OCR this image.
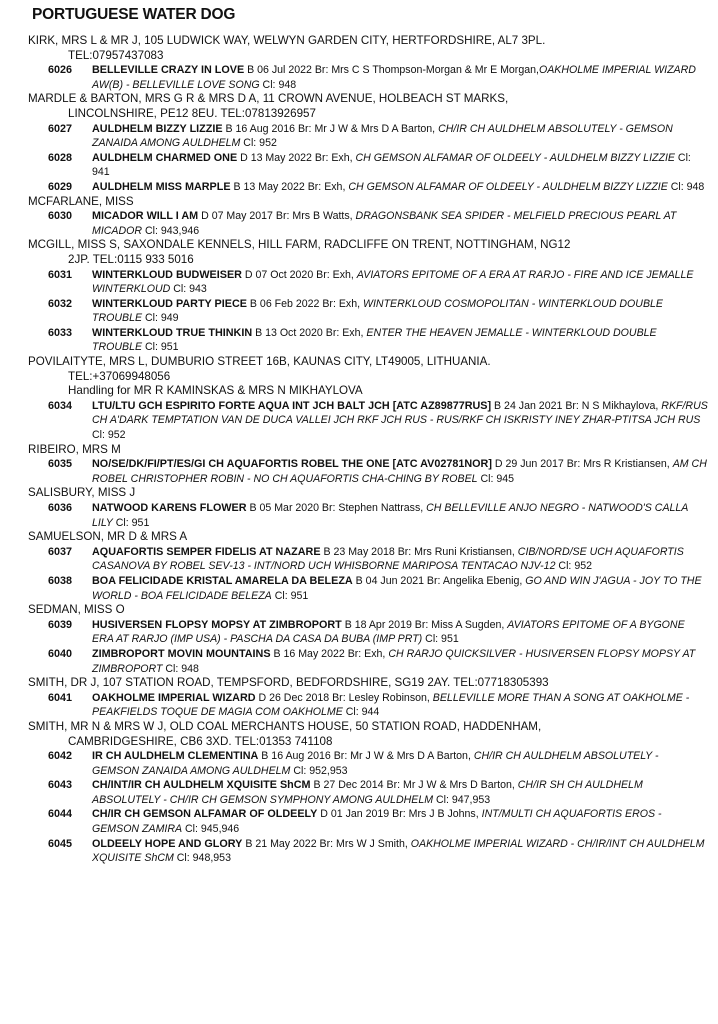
PORTUGUESE WATER DOG
KIRK, MRS L & MR J, 105 LUDWICK WAY, WELWYN GARDEN CITY, HERTFORDSHIRE, AL7 3PL.
TEL:07957437083
6026 BELLEVILLE CRAZY IN LOVE B 06 Jul 2022 Br: Mrs C S Thompson-Morgan & Mr E Morgan,OAKHOLME IMPERIAL WIZARD AW(B) - BELLEVILLE LOVE SONG Cl: 948
MARDLE & BARTON, MRS G R & MRS D A, 11 CROWN AVENUE, HOLBEACH ST MARKS,
LINCOLNSHIRE, PE12 8EU. TEL:07813926957
6027 AULDHELM BIZZY LIZZIE B 16 Aug 2016 Br: Mr J W & Mrs D A Barton, CH/IR CH AULDHELM ABSOLUTELY - GEMSON ZANAIDA AMONG AULDHELM Cl: 952
6028 AULDHELM CHARMED ONE D 13 May 2022 Br: Exh, CH GEMSON ALFAMAR OF OLDEELY - AULDHELM BIZZY LIZZIE Cl: 941
6029 AULDHELM MISS MARPLE B 13 May 2022 Br: Exh, CH GEMSON ALFAMAR OF OLDEELY - AULDHELM BIZZY LIZZIE Cl: 948
MCFARLANE, MISS
6030 MICADOR WILL I AM D 07 May 2017 Br: Mrs B Watts, DRAGONSBANK SEA SPIDER - MELFIELD PRECIOUS PEARL AT MICADOR Cl: 943,946
MCGILL, MISS S, SAXONDALE KENNELS, HILL FARM, RADCLIFFE ON TRENT, NOTTINGHAM, NG12
2JP. TEL:0115 933 5016
6031 WINTERKLOUD BUDWEISER D 07 Oct 2020 Br: Exh, AVIATORS EPITOME OF A ERA AT RARJO - FIRE AND ICE JEMALLE WINTERKLOUD Cl: 943
6032 WINTERKLOUD PARTY PIECE B 06 Feb 2022 Br: Exh, WINTERKLOUD COSMOPOLITAN - WINTERKLOUD DOUBLE TROUBLE Cl: 949
6033 WINTERKLOUD TRUE THINKIN B 13 Oct 2020 Br: Exh, ENTER THE HEAVEN JEMALLE - WINTERKLOUD DOUBLE TROUBLE Cl: 951
POVILAITYTE, MRS L, DUMBURIO STREET 16B, KAUNAS CITY, LT49005, LITHUANIA.
TEL:+37069948056
Handling for MR R KAMINSKAS & MRS N MIKHAYLOVA
6034 LTU/LTU GCH ESPIRITO FORTE AQUA INT JCH BALT JCH [ATC AZ89877RUS] B 24 Jan 2021 Br: N S Mikhaylova, RKF/RUS CH A'DARK TEMPTATION VAN DE DUCA VALLEI JCH RKF JCH RUS - RUS/RKF CH ISKRISTY INEY ZHAR-PTITSA JCH RUS Cl: 952
RIBEIRO, MRS M
6035 NO/SE/DK/FI/PT/ES/GI CH AQUAFORTIS ROBEL THE ONE [ATC AV02781NOR] D 29 Jun 2017 Br: Mrs R Kristiansen, AM CH ROBEL CHRISTOPHER ROBIN - NO CH AQUAFORTIS CHA-CHING BY ROBEL Cl: 945
SALISBURY, MISS J
6036 NATWOOD KARENS FLOWER B 05 Mar 2020 Br: Stephen Nattrass, CH BELLEVILLE ANJO NEGRO - NATWOOD'S CALLA LILY Cl: 951
SAMUELSON, MR D & MRS A
6037 AQUAFORTIS SEMPER FIDELIS AT NAZARE B 23 May 2018 Br: Mrs Runi Kristiansen, CIB/NORD/SE UCH AQUAFORTIS CASANOVA BY ROBEL SEV-13 - INT/NORD UCH WHISBORNE MARIPOSA TENTACAO NJV-12 Cl: 952
6038 BOA FELICIDADE KRISTAL AMARELA DA BELEZA B 04 Jun 2021 Br: Angelika Ebenig, GO AND WIN J'AGUA - JOY TO THE WORLD - BOA FELICIDADE BELEZA Cl: 951
SEDMAN, MISS O
6039 HUSIVERSEN FLOPSY MOPSY AT ZIMBROPORT B 18 Apr 2019 Br: Miss A Sugden, AVIATORS EPITOME OF A BYGONE ERA AT RARJO (IMP USA) - PASCHA DA CASA DA BUBA (IMP PRT) Cl: 951
6040 ZIMBROPORT MOVIN MOUNTAINS B 16 May 2022 Br: Exh, CH RARJO QUICKSILVER - HUSIVERSEN FLOPSY MOPSY AT ZIMBROPORT Cl: 948
SMITH, DR J, 107 STATION ROAD, TEMPSFORD, BEDFORDSHIRE, SG19 2AY. TEL:07718305393
6041 OAKHOLME IMPERIAL WIZARD D 26 Dec 2018 Br: Lesley Robinson, BELLEVILLE MORE THAN A SONG AT OAKHOLME - PEAKFIELDS TOQUE DE MAGIA COM OAKHOLME Cl: 944
SMITH, MR N & MRS W J, OLD COAL MERCHANTS HOUSE, 50 STATION ROAD, HADDENHAM,
CAMBRIDGESHIRE, CB6 3XD. TEL:01353 741108
6042 IR CH AULDHELM CLEMENTINA B 16 Aug 2016 Br: Mr J W & Mrs D A Barton, CH/IR CH AULDHELM ABSOLUTELY - GEMSON ZANAIDA AMONG AULDHELM Cl: 952,953
6043 CH/INT/IR CH AULDHELM XQUISITE ShCM B 27 Dec 2014 Br: Mr J W & Mrs D Barton, CH/IR SH CH AULDHELM ABSOLUTELY - CH/IR CH GEMSON SYMPHONY AMONG AULDHELM Cl: 947,953
6044 CH/IR CH GEMSON ALFAMAR OF OLDEELY D 01 Jan 2019 Br: Mrs J B Johns, INT/MULTI CH AQUAFORTIS EROS - GEMSON ZAMIRA Cl: 945,946
6045 OLDEELY HOPE AND GLORY B 21 May 2022 Br: Mrs W J Smith, OAKHOLME IMPERIAL WIZARD - CH/IR/INT CH AULDHELM XQUISITE ShCM Cl: 948,953
